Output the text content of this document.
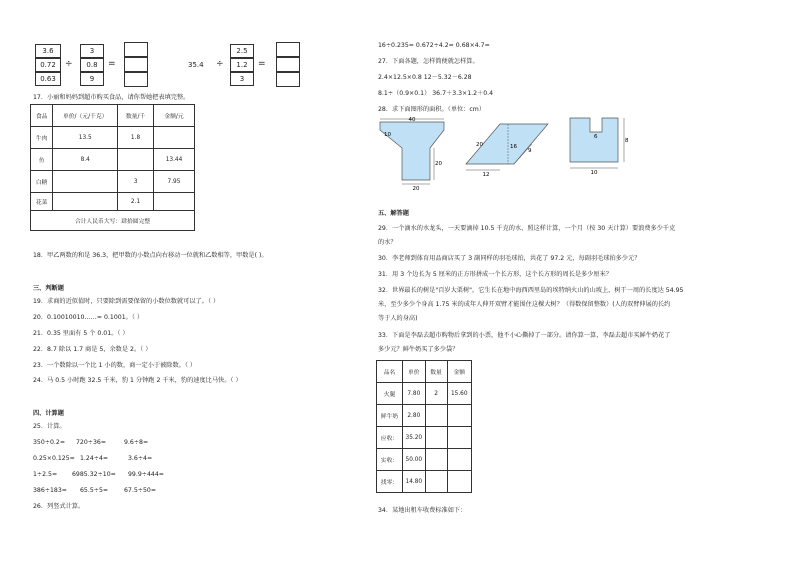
3.6
0.72
0.63
÷
3
0.8
9
=	35.4 ÷
2.5
1.2
3
=
17．小丽和妈妈到超市购买食品，请你帮她把表填完整。
食品	单价/（元/千克）	数量/千	金额/元
牛肉	13.5	1.8	
鱼	8.4		13.44
白糖		3	7.95
花菜		2.1	
合计人民币大写：肆拾圆完整			
18．甲乙两数的和是 36.3，把甲数的小数点向右移动一位就和乙数相等，甲数是( )。
三、判断题
19．求商的近似值时，只要除到需要保留的小数位数就可以了。（ ）
20．0.10010010……≈ 0.1001。（ ）
21．0.35 里面有 5 个 0.01。（ ）
22．8.7 除以 1.7 商是 5，余数是 2。（ ）
23．一个数除以一个比 1 小的数，商一定小于被除数。（ ）
24．马 0.5 小时跑 32.5 千米，豹 1 分钟跑 2 千米，豹的速度比马快。（ ）
四、计算题
25．计算。
350÷0.2= 720÷36=	9.6÷8=
0.25×0.125= 1.24÷4=	3.6÷4=
1÷2.5= 6985.32÷10= 99.9÷444=
386÷183= 65.5÷5=	67.5÷50=
26．列竖式计算。
16÷0.235= 0.672÷4.2= 0.68×4.7=
27．下面各题，怎样简便就怎样算。
2.4×12.5×0.8 12－5.32－6.28
8.1÷（0.9×0.1） 36.7＋3.3×1.2＋0.4
28．求下面图形的面积。（单位：cm）
40
10
20
20
20	16
9
12
6
8
10
五、解答题
29．一个滴水的水龙头，一天要滴掉 10.5 千克的水，照这样计算，一个月（按 30 天计算）要浪费多少千克
的水？
30．李老师到体育用品商店买了 3 副同样的羽毛球拍，共花了 97.2 元，每副羽毛球拍多少元？
31．用 3 个边长为 5 厘米的正方形拼成一个长方形，这个长方形的周长是多少厘米？
32．世界最长的树是"百岁大栗树"，它生长在地中海西西里岛的埃特纳火山的山坡上，树干一周的长度达 54.95
米，至少多少个身高 1.75 米的成年人伸开双臂才能围住这棵大树？（得数保留整数）(人的双臂伸展的长约
等于人的身高)
33．下面是李磊去超市购物后拿到的小票，他不小心撕掉了一部分。请你算一算，李磊去超市买鲜牛奶花了
多少元？鲜牛奶买了多少袋？
品名	单价	数量	金额
火腿	7.80	2	15.60
鲜牛奶	2.80		
应收：	35.20		
实收：	50.00		
找零：	14.80		
34．某地出租车收费标准如下：
